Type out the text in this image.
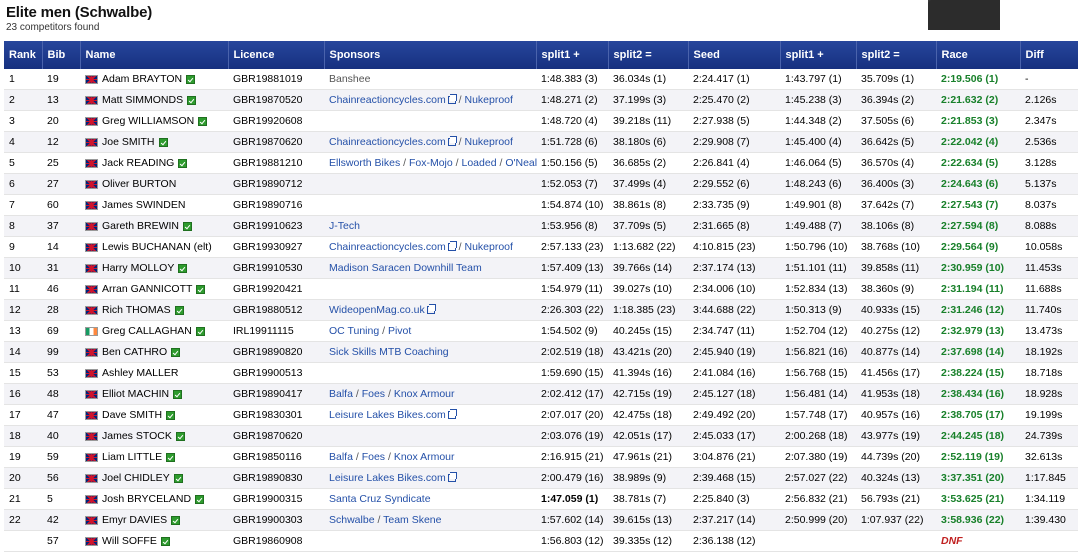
Elite men (Schwalbe)
23 competitors found
Rank	Bib	Name	Licence	Sponsors	split1 +	split2 =	Seed	split1 +	split2 =	Race	Diff
1	19	Adam BRAYTON	GBR19881019	Banshee	1:48.383 (3)	36.034s (1)	2:24.417 (1)	1:43.797 (1)	35.709s (1)	2:19.506 (1)	-
2	13	Matt SIMMONDS	GBR19870520	Chainreactioncycles.com / Nukeproof	1:48.271 (2)	37.199s (3)	2:25.470 (2)	1:45.238 (3)	36.394s (2)	2:21.632 (2)	2.126s
3	20	Greg WILLIAMSON	GBR19920608		1:48.720 (4)	39.218s (11)	2:27.938 (5)	1:44.348 (2)	37.505s (6)	2:21.853 (3)	2.347s
4	12	Joe SMITH	GBR19870620	Chainreactioncycles.com / Nukeproof	1:51.728 (6)	38.180s (6)	2:29.908 (7)	1:45.400 (4)	36.642s (5)	2:22.042 (4)	2.536s
5	25	Jack READING	GBR19881210	Ellsworth Bikes / Fox-Mojo / Loaded / O'Neal	1:50.156 (5)	36.685s (2)	2:26.841 (4)	1:46.064 (5)	36.570s (4)	2:22.634 (5)	3.128s
6	27	Oliver BURTON	GBR19890712		1:52.053 (7)	37.499s (4)	2:29.552 (6)	1:48.243 (6)	36.400s (3)	2:24.643 (6)	5.137s
7	60	James SWINDEN	GBR19890716		1:54.874 (10)	38.861s (8)	2:33.735 (9)	1:49.901 (8)	37.642s (7)	2:27.543 (7)	8.037s
8	37	Gareth BREWIN	GBR19910623	J-Tech	1:53.956 (8)	37.709s (5)	2:31.665 (8)	1:49.488 (7)	38.106s (8)	2:27.594 (8)	8.088s
9	14	Lewis BUCHANAN (elt)	GBR19930927	Chainreactioncycles.com / Nukeproof	2:57.133 (23)	1:13.682 (22)	4:10.815 (23)	1:50.796 (10)	38.768s (10)	2:29.564 (9)	10.058s
10	31	Harry MOLLOY	GBR19910530	Madison Saracen Downhill Team	1:57.409 (13)	39.766s (14)	2:37.174 (13)	1:51.101 (11)	39.858s (11)	2:30.959 (10)	11.453s
11	46	Arran GANNICOTT	GBR19920421		1:54.979 (11)	39.027s (10)	2:34.006 (10)	1:52.834 (13)	38.360s (9)	2:31.194 (11)	11.688s
12	28	Rich THOMAS	GBR19880512	WideopenMag.co.uk	2:26.303 (22)	1:18.385 (23)	3:44.688 (22)	1:50.313 (9)	40.933s (15)	2:31.246 (12)	11.740s
13	69	Greg CALLAGHAN	IRL19911115	OC Tuning / Pivot	1:54.502 (9)	40.245s (15)	2:34.747 (11)	1:52.704 (12)	40.275s (12)	2:32.979 (13)	13.473s
14	99	Ben CATHRO	GBR19890820	Sick Skills MTB Coaching	2:02.519 (18)	43.421s (20)	2:45.940 (19)	1:56.821 (16)	40.877s (14)	2:37.698 (14)	18.192s
15	53	Ashley MALLER	GBR19900513		1:59.690 (15)	41.394s (16)	2:41.084 (16)	1:56.768 (15)	41.456s (17)	2:38.224 (15)	18.718s
16	48	Elliot MACHIN	GBR19890417	Balfa / Foes / Knox Armour	2:02.412 (17)	42.715s (19)	2:45.127 (18)	1:56.481 (14)	41.953s (18)	2:38.434 (16)	18.928s
17	47	Dave SMITH	GBR19830301	Leisure Lakes Bikes.com	2:07.017 (20)	42.475s (18)	2:49.492 (20)	1:57.748 (17)	40.957s (16)	2:38.705 (17)	19.199s
18	40	James STOCK	GBR19870620		2:03.076 (19)	42.051s (17)	2:45.033 (17)	2:00.268 (18)	43.977s (19)	2:44.245 (18)	24.739s
19	59	Liam LITTLE	GBR19850116	Balfa / Foes / Knox Armour	2:16.915 (21)	47.961s (21)	3:04.876 (21)	2:07.380 (19)	44.739s (20)	2:52.119 (19)	32.613s
20	56	Joel CHIDLEY	GBR19890830	Leisure Lakes Bikes.com	2:00.479 (16)	38.989s (9)	2:39.468 (15)	2:57.027 (22)	40.324s (13)	3:37.351 (20)	1:17.845
21	5	Josh BRYCELAND	GBR19900315	Santa Cruz Syndicate	1:47.059 (1)	38.781s (7)	2:25.840 (3)	2:56.832 (21)	56.793s (21)	3:53.625 (21)	1:34.119
22	42	Emyr DAVIES	GBR19900303	Schwalbe / Team Skene	1:57.602 (14)	39.615s (13)	2:37.217 (14)	2:50.999 (20)	1:07.937 (22)	3:58.936 (22)	1:39.430
	57	Will SOFFE	GBR19860908		1:56.803 (12)	39.335s (12)	2:36.138 (12)			DNF	
